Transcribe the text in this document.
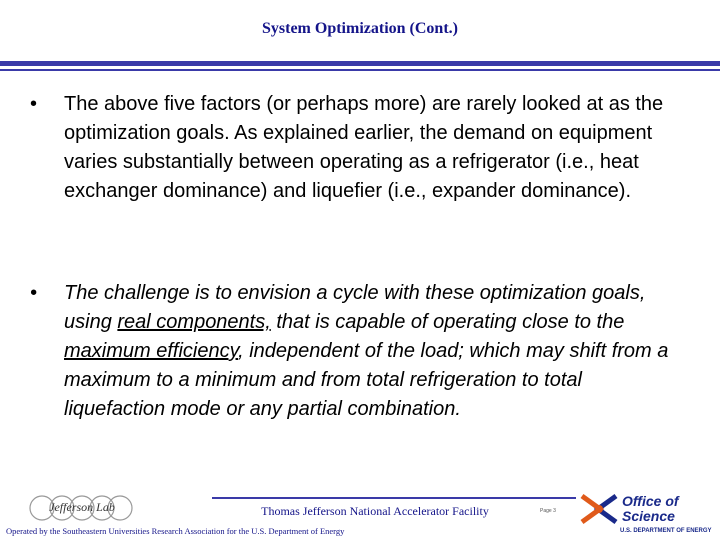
System Optimization (Cont.)
• The above five factors (or perhaps more) are rarely looked at as the optimization goals. As explained earlier, the demand on equipment varies substantially between operating as a refrigerator (i.e., heat exchanger dominance) and liquefier (i.e., expander dominance).
• The challenge is to envision a cycle with these optimization goals, using real components, that is capable of operating close to the maximum efficiency, independent of the load; which may shift from a maximum to a minimum and from total refrigeration to total liquefaction mode or any partial combination.
Jefferson Lab	Thomas Jefferson National Accelerator Facility	Page 3
Operated by the Southeastern Universities Research Association for the U.S. Department of Energy
Office of
Science
U.S. DEPARTMENT OF ENERGY
